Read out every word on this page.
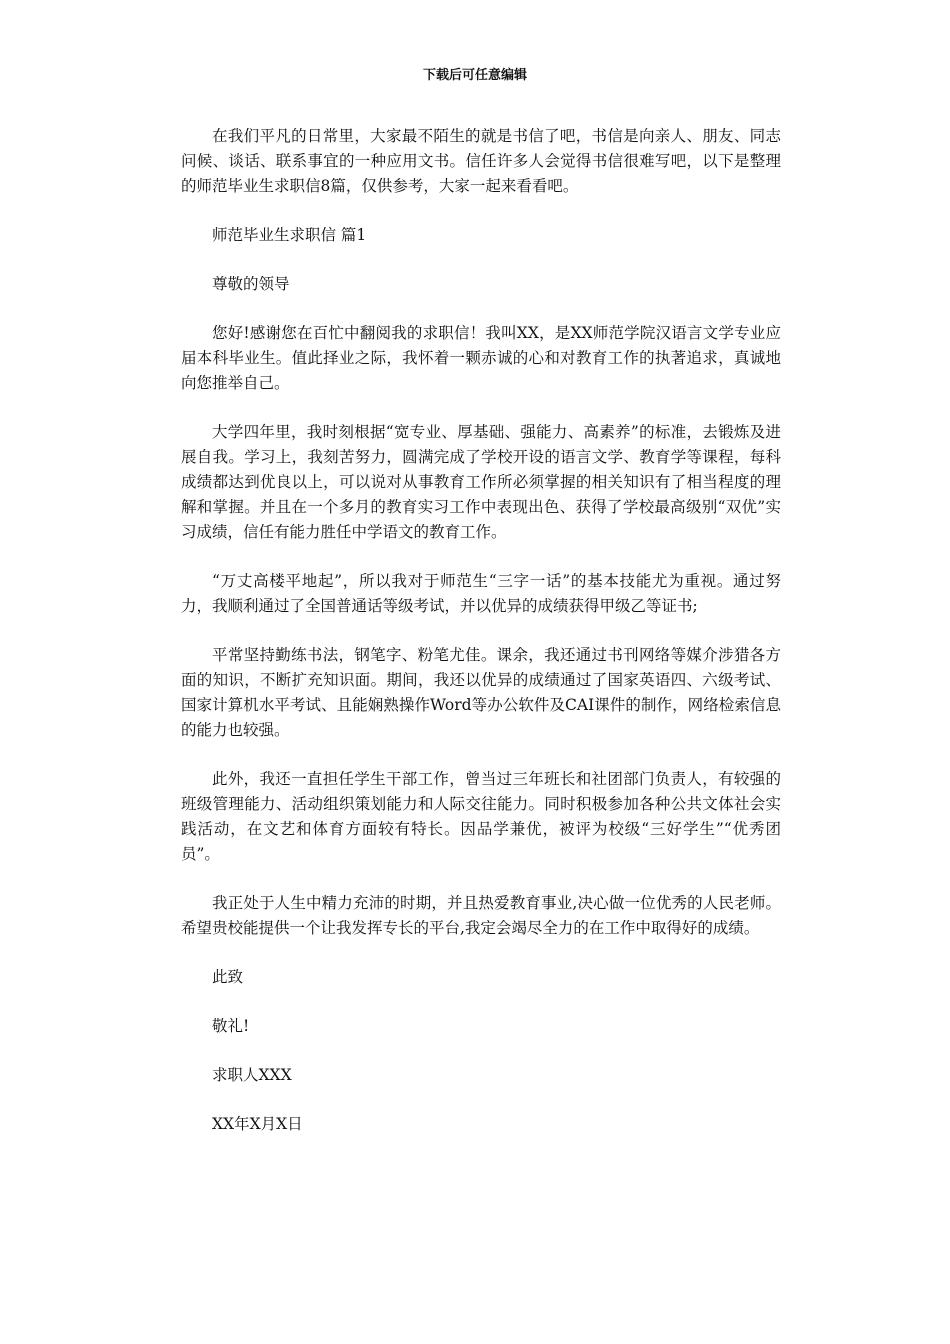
下载后可任意编辑

在我们平凡的日常里，大家最不陌生的就是书信了吧，书信是向亲人、朋友、同志问候、谈话、联系事宜的一种应用文书。信任许多人会觉得书信很难写吧，以下是整理的师范毕业生求职信8篇，仅供参考，大家一起来看看吧。

师范毕业生求职信 篇1

尊敬的领导

您好!感谢您在百忙中翻阅我的求职信！我叫XX，是XX师范学院汉语言文学专业应届本科毕业生。值此择业之际，我怀着一颗赤诚的心和对教育工作的执著追求，真诚地向您推举自己。

大学四年里，我时刻根据“宽专业、厚基础、强能力、高素养”的标准，去锻炼及进展自我。学习上，我刻苦努力，圆满完成了学校开设的语言文学、教育学等课程，每科成绩都达到优良以上，可以说对从事教育工作所必须掌握的相关知识有了相当程度的理解和掌握。并且在一个多月的教育实习工作中表现出色、获得了学校最高级别“双优”实习成绩，信任有能力胜任中学语文的教育工作。

“万丈高楼平地起”，所以我对于师范生“三字一话”的基本技能尤为重视。通过努力，我顺利通过了全国普通话等级考试，并以优异的成绩获得甲级乙等证书;

平常坚持勤练书法，钢笔字、粉笔尤佳。课余，我还通过书刊网络等媒介涉猎各方面的知识，不断扩充知识面。期间，我还以优异的成绩通过了国家英语四、六级考试、国家计算机水平考试、且能娴熟操作Word等办公软件及CAI课件的制作，网络检索信息的能力也较强。

此外，我还一直担任学生干部工作，曾当过三年班长和社团部门负责人，有较强的班级管理能力、活动组织策划能力和人际交往能力。同时积极参加各种公共文体社会实践活动，在文艺和体育方面较有特长。因品学兼优，被评为校级“三好学生”“优秀团员”。

我正处于人生中精力充沛的时期，并且热爱教育事业,决心做一位优秀的人民老师。希望贵校能提供一个让我发挥专长的平台,我定会竭尽全力的在工作中取得好的成绩。

此致

敬礼!

求职人XXX

XX年X月X日
